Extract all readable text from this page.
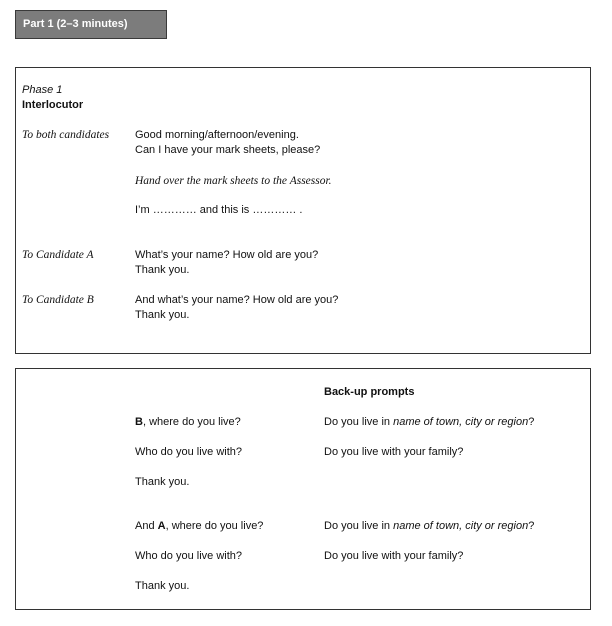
Part 1 (2–3 minutes)
Phase 1
Interlocutor
To both candidates Good morning/afternoon/evening.
Can I have your mark sheets, please?
Hand over the mark sheets to the Assessor.
I’m ………… and this is ………… .
To Candidate A	What’s your name? How old are you?
Thank you.
To Candidate B	And what’s your name? How old are you?
Thank you.
Back-up prompts
B, where do you live?	Do you live in name of town, city or region?
Who do you live with?	Do you live with your family?
Thank you.
And A, where do you live?	Do you live in name of town, city or region?
Who do you live with?	Do you live with your family?
Thank you.
